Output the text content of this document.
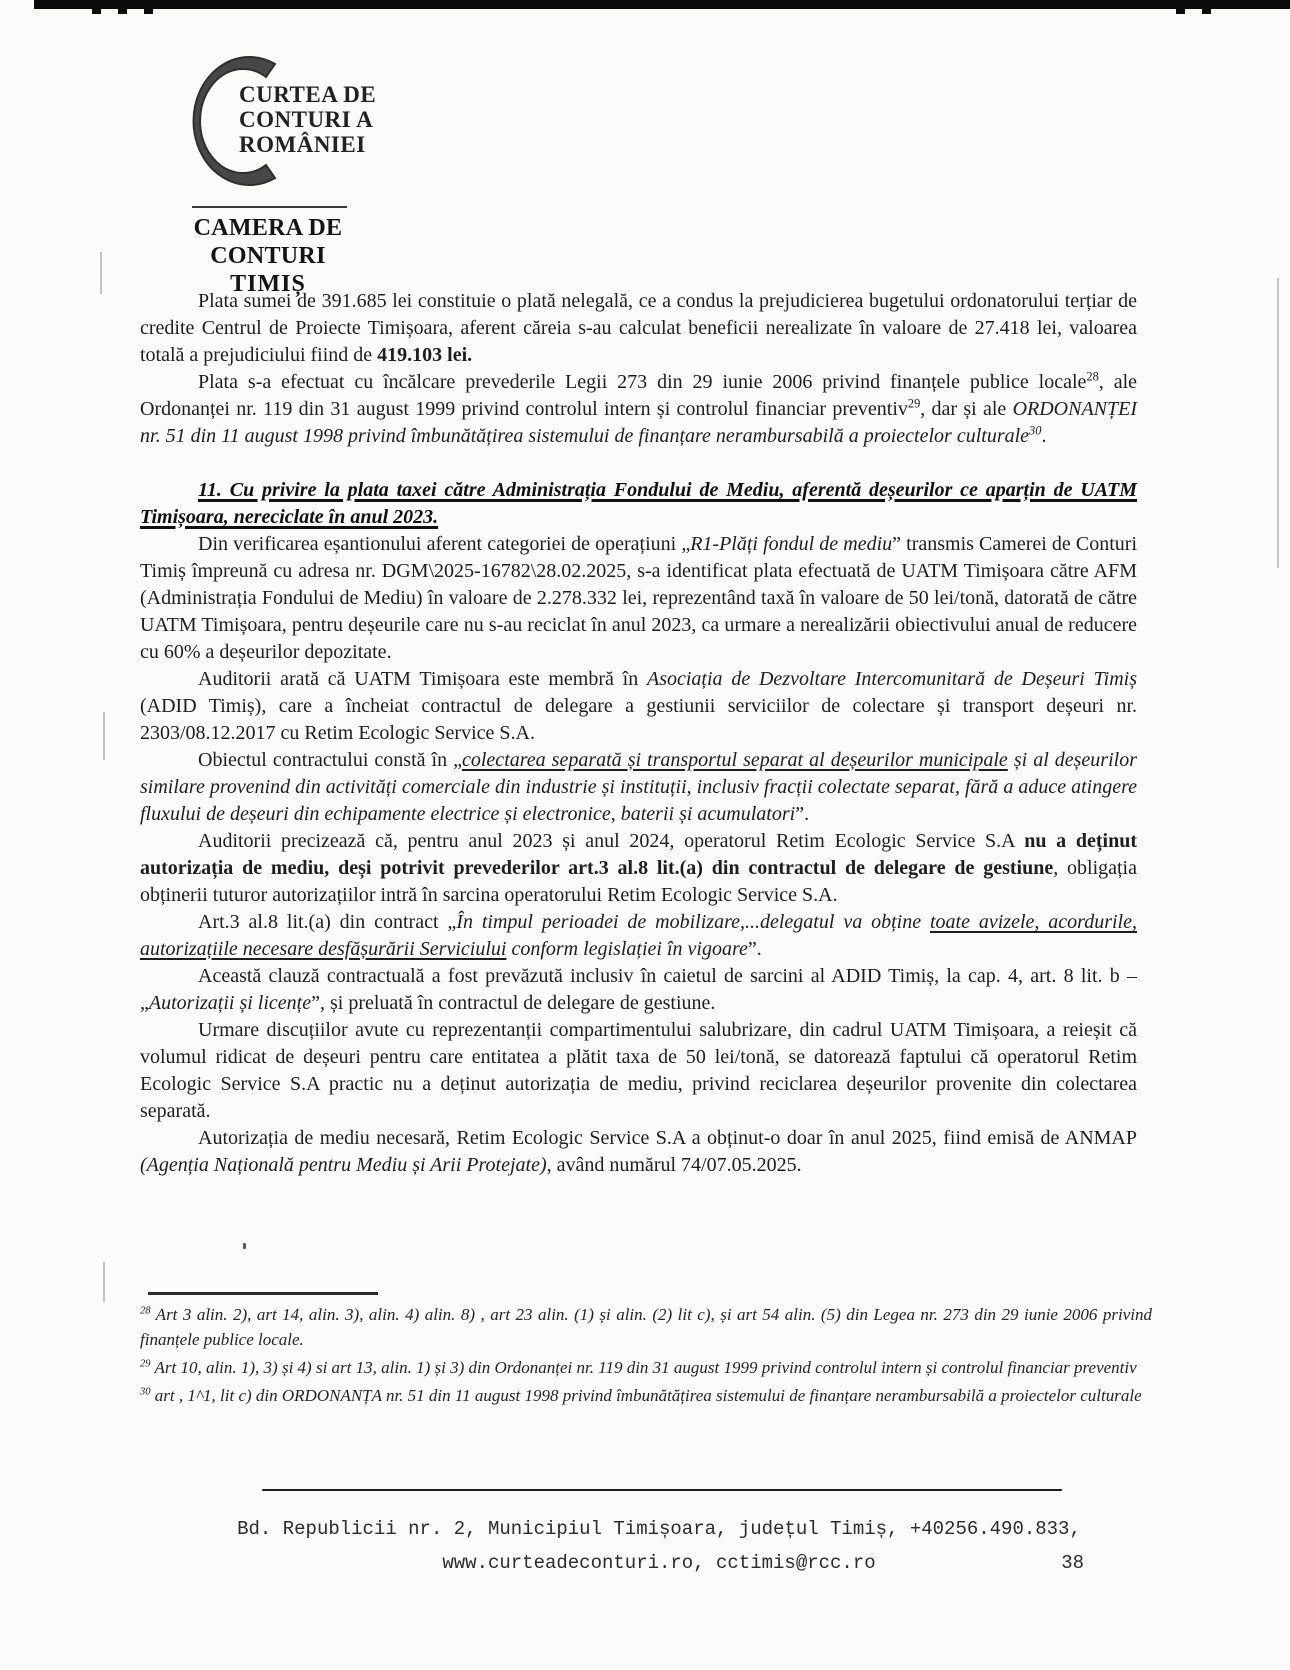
CURTEA DE
CONTURI A
ROMÂNIEI
CAMERA DE CONTURI
TIMIȘ

Plata sumei de 391.685 lei constituie o plată nelegală, ce a condus la prejudicierea bugetului ordonatorului terțiar de credite Centrul de Proiecte Timișoara, aferent căreia s-au calculat beneficii nerealizate în valoare de 27.418 lei, valoarea totală a prejudiciului fiind de 419.103 lei.

Plata s-a efectuat cu încălcare prevederile Legii 273 din 29 iunie 2006 privind finanțele publice locale$^{28}$, ale Ordonanței nr. 119 din 31 august 1999 privind controlul intern și controlul financiar preventiv$^{29}$, dar și ale ORDONANȚEI nr. 51 din 11 august 1998 privind îmbunătățirea sistemului de finanțare nerambursabilă a proiectelor culturale$^{30}$.

11. Cu privire la plata taxei către Administrația Fondului de Mediu, aferentă deșeurilor ce aparțin de UATM Timișoara, nereciclate în anul 2023.

Din verificarea eșantionului aferent categoriei de operațiuni „R1-Plăți fondul de mediu” transmis Camerei de Conturi Timiș împreună cu adresa nr. DGM\2025-16782\28.02.2025, s-a identificat plata efectuată de UATM Timișoara către AFM (Administrația Fondului de Mediu) în valoare de 2.278.332 lei, reprezentând taxă în valoare de 50 lei/tonă, datorată de către UATM Timișoara, pentru deșeurile care nu s-au reciclat în anul 2023, ca urmare a nerealizării obiectivului anual de reducere cu 60% a deșeurilor depozitate.

Auditorii arată că UATM Timișoara este membră în Asociația de Dezvoltare Intercomunitară de Deșeuri Timiș (ADID Timiș), care a încheiat contractul de delegare a gestiunii serviciilor de colectare și transport deșeuri nr. 2303/08.12.2017 cu Retim Ecologic Service S.A.

Obiectul contractului constă în „colectarea separată și transportul separat al deșeurilor municipale și al deșeurilor similare provenind din activități comerciale din industrie și instituții, inclusiv fracții colectate separat, fără a aduce atingere fluxului de deșeuri din echipamente electrice și electronice, baterii și acumulatori”.

Auditorii precizează că, pentru anul 2023 și anul 2024, operatorul Retim Ecologic Service S.A nu a deținut autorizația de mediu, deși potrivit prevederilor art.3 al.8 lit.(a) din contractul de delegare de gestiune, obligația obținerii tuturor autorizațiilor intră în sarcina operatorului Retim Ecologic Service S.A.

Art.3 al.8 lit.(a) din contract „În timpul perioadei de mobilizare,...delegatul va obține toate avizele, acordurile, autorizațiile necesare desfășurării Serviciului conform legislației în vigoare”.

Această clauză contractuală a fost prevăzută inclusiv în caietul de sarcini al ADID Timiș, la cap. 4, art. 8 lit. b – „Autorizații și licențe”, și preluată în contractul de delegare de gestiune.

Urmare discuțiilor avute cu reprezentanții compartimentului salubrizare, din cadrul UATM Timișoara, a reieșit că volumul ridicat de deșeuri pentru care entitatea a plătit taxa de 50 lei/tonă, se datorează faptului că operatorul Retim Ecologic Service S.A practic nu a deținut autorizația de mediu, privind reciclarea deșeurilor provenite din colectarea separată.

Autorizația de mediu necesară, Retim Ecologic Service S.A a obținut-o doar în anul 2025, fiind emisă de ANMAP (Agenția Națională pentru Mediu și Arii Protejate), având numărul 74/07.05.2025.

$^{28}$ Art 3 alin. 2), art 14, alin. 3), alin. 4) alin. 8) , art 23 alin. (1) și alin. (2) lit c), și art 54 alin. (5) din Legea nr. 273 din 29 iunie 2006 privind finanțele publice locale.

$^{29}$ Art 10, alin. 1), 3) și 4) si art 13, alin. 1) și 3) din Ordonanței nr. 119 din 31 august 1999 privind controlul intern și controlul financiar preventiv

$^{30}$ art , 1^1, lit c) din ORDONANȚA nr. 51 din 11 august 1998 privind îmbunătățirea sistemului de finanțare nerambursabilă a proiectelor culturale

Bd. Republicii nr. 2, Municipiul Timișoara, județul Timiș, +40256.490.833,
www.curteadeconturi.ro, cctimis@rcc.ro	38
